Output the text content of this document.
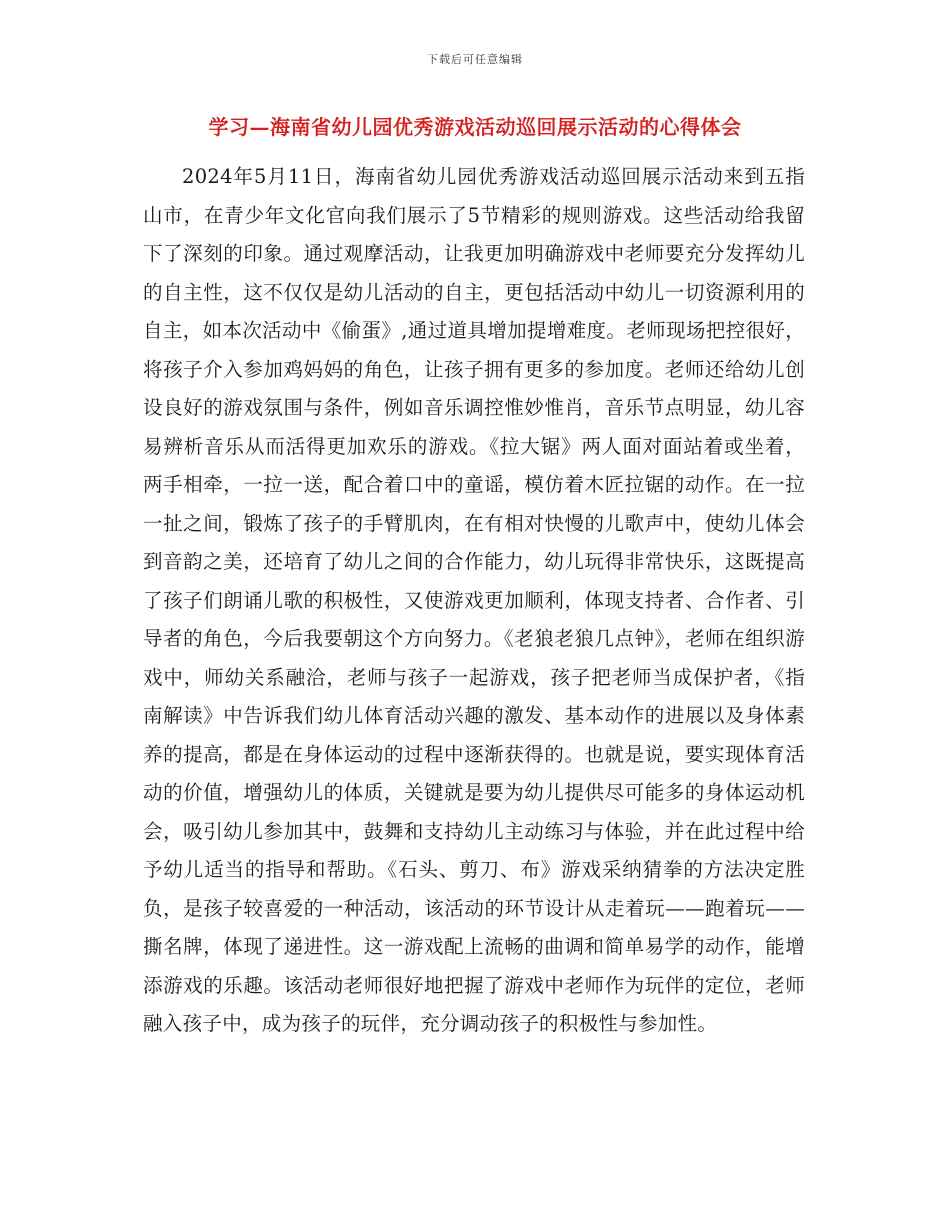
下载后可任意编辑
学习—海南省幼儿园优秀游戏活动巡回展示活动的心得体会

2024年5月11日，海南省幼儿园优秀游戏活动巡回展示活动来到五指山市，在青少年文化官向我们展示了5节精彩的规则游戏。这些活动给我留下了深刻的印象。通过观摩活动，让我更加明确游戏中老师要充分发挥幼儿的自主性，这不仅仅是幼儿活动的自主，更包括活动中幼儿一切资源利用的自主，如本次活动中《偷蛋》,通过道具增加提增难度。老师现场把控很好，将孩子介入参加鸡妈妈的角色，让孩子拥有更多的参加度。老师还给幼儿创设良好的游戏氛围与条件，例如音乐调控惟妙惟肖，音乐节点明显，幼儿容易辨析音乐从而活得更加欢乐的游戏。《拉大锯》两人面对面站着或坐着，两手相牵，一拉一送，配合着口中的童谣，模仿着木匠拉锯的动作。在一拉一扯之间，锻炼了孩子的手臂肌肉，在有相对快慢的儿歌声中，使幼儿体会到音韵之美，还培育了幼儿之间的合作能力，幼儿玩得非常快乐，这既提高了孩子们朗诵儿歌的积极性，又使游戏更加顺利，体现支持者、合作者、引导者的角色，今后我要朝这个方向努力。《老狼老狼几点钟》，老师在组织游戏中，师幼关系融洽，老师与孩子一起游戏，孩子把老师当成保护者，《指南解读》中告诉我们幼儿体育活动兴趣的激发、基本动作的进展以及身体素养的提高，都是在身体运动的过程中逐渐获得的。也就是说，要实现体育活动的价值，增强幼儿的体质，关键就是要为幼儿提供尽可能多的身体运动机会，吸引幼儿参加其中，鼓舞和支持幼儿主动练习与体验，并在此过程中给予幼儿适当的指导和帮助。《石头、剪刀、布》游戏采纳猜拳的方法决定胜负，是孩子较喜爱的一种活动，该活动的环节设计从走着玩——跑着玩——撕名牌，体现了递进性。这一游戏配上流畅的曲调和简单易学的动作，能增添游戏的乐趣。该活动老师很好地把握了游戏中老师作为玩伴的定位，老师融入孩子中，成为孩子的玩伴，充分调动孩子的积极性与参加性。
